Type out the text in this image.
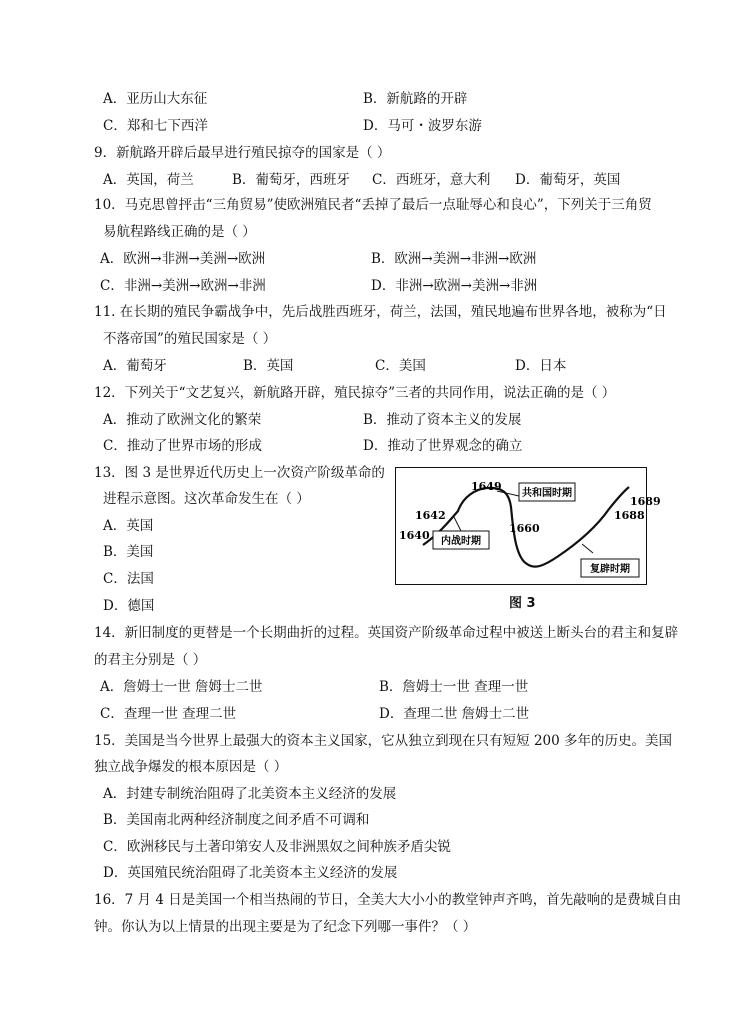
A．亚历山大东征	B．新航路的开辟
C．郑和七下西洋	D．马可・波罗东游
9．新航路开辟后最早进行殖民掠夺的国家是（ ）
A．英国，荷兰	B．葡萄牙，西班牙 C．西班牙，意大利 D．葡萄牙，英国
10．马克思曾抨击“三角贸易”使欧洲殖民者“丢掉了最后一点耻辱心和良心”，下列关于三角贸
易航程路线正确的是（ ）
A．欧洲→非洲→美洲→欧洲	B．欧洲→美洲→非洲→欧洲
C．非洲→美洲→欧洲→非洲	D．非洲→欧洲→美洲→非洲
11. 在长期的殖民争霸战争中，先后战胜西班牙，荷兰，法国，殖民地遍布世界各地，被称为“日
不落帝国”的殖民国家是（ ）
A．葡萄牙	B．英国	C．美国	D．日本
12．下列关于“文艺复兴，新航路开辟，殖民掠夺”三者的共同作用，说法正确的是（ ）
A．推动了欧洲文化的繁荣	B．推动了资本主义的发展
C．推动了世界市场的形成	D．推动了世界观念的确立
13．图 3 是世界近代历史上一次资产阶级革命的
进程示意图。这次革命发生在（ ）
A．英国
B．美国
C．法国
D．德国
共和国时期
内战时期
复辟时期
1640
1642
1649
1660
1688
1689
图 3
14．新旧制度的更替是一个长期曲折的过程。英国资产阶级革命过程中被送上断头台的君主和复辟
的君主分别是（ ）
A．詹姆士一世 詹姆士二世	B．詹姆士一世 查理一世
C．查理一世 查理二世	D．查理二世 詹姆士二世
15．美国是当今世界上最强大的资本主义国家，它从独立到现在只有短短 200 多年的历史。美国
独立战争爆发的根本原因是（ ）
A．封建专制统治阻碍了北美资本主义经济的发展
B．美国南北两种经济制度之间矛盾不可调和
C．欧洲移民与土著印第安人及非洲黑奴之间种族矛盾尖锐
D．英国殖民统治阻碍了北美资本主义经济的发展
16．7 月 4 日是美国一个相当热闹的节日，全美大大小小的教堂钟声齐鸣，首先敲响的是费城自由
钟。你认为以上情景的出现主要是为了纪念下列哪一事件？（ ）
